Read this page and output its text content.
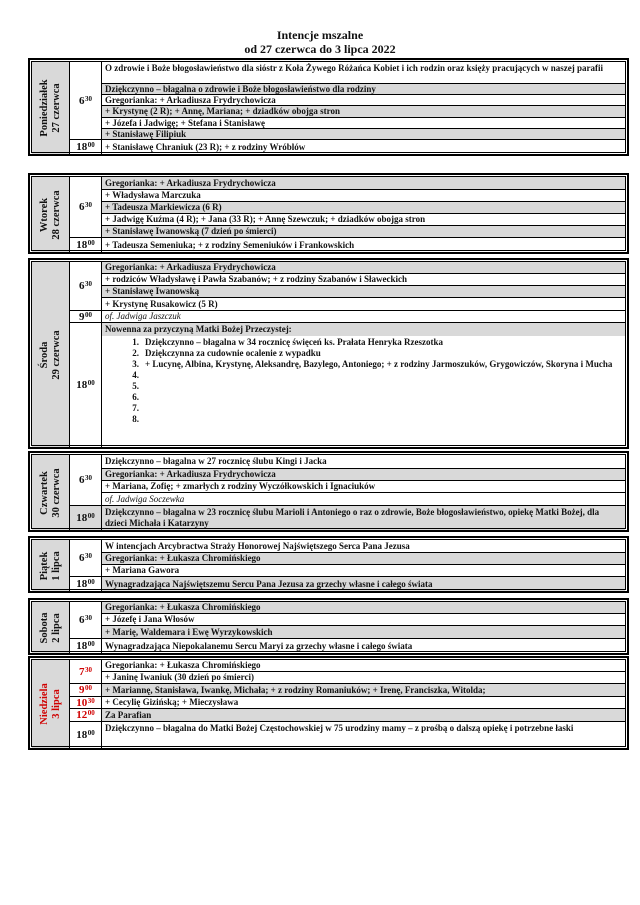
Intencje mszalne
od 27 czerwca do 3 lipca 2022
Poniedziałek 27 czerwca $6^{30}$
O zdrowie i Boże błogosławieństwo dla sióstr z Koła Żywego Różańca Kobiet i ich rodzin oraz księży pracujących w naszej parafii
Dziękczynno – błagalna o zdrowie i Boże błogosławieństwo dla rodziny
Gregorianka: + Arkadiusza Frydrychowicza
+ Krystynę (2 R); + Annę, Mariana; + dziadków obojga stron
+ Józefa i Jadwigę; + Stefana i Stanisławę
+ Stanisławę Filipiuk
$18^{00}$	+ Stanisławę Chraniuk (23 R); + z rodziny Wróblów
Wtorek 28 czerwca $6^{30}$
Gregorianka: + Arkadiusza Frydrychowicza
+ Władysława Marczuka
+ Tadeusza Markiewicza (6 R)
+ Jadwigę Kuźma (4 R); + Jana (33 R); + Annę Szewczuk; + dziadków obojga stron
+ Stanisławę Iwanowską (7 dzień po śmierci)
$18^{00}$	+ Tadeusza Semeniuka; + z rodziny Semeniuków i Frankowskich
Środa 29 czerwca
$6^{30}$
Gregorianka: + Arkadiusza Frydrychowicza
+ rodziców Władysławę i Pawła Szabanów; + z rodziny Szabanów i Sławeckich
+ Stanisławę Iwanowską
+ Krystynę Rusakowicz (5 R)
$9^{00}$	of. Jadwiga Jaszczuk
$18^{00}$
Nowenna za przyczyną Matki Bożej Przeczystej:
1. Dziękczynno – błagalna w 34 rocznicę święceń ks. Prałata Henryka Rzeszotka
2. Dziękczynna za cudownie ocalenie z wypadku
3. + Lucynę, Albina, Krystynę, Aleksandrę, Bazylego, Antoniego; + z rodziny Jarmoszuków, Grygowiczów, Skoryna i Mucha
4.
5.
6.
7.
8.
Czwartek 30 czerwca $6^{30}$
Dziękczynno – błagalna w 27 rocznicę ślubu Kingi i Jacka
Gregorianka: + Arkadiusza Frydrychowicza
+ Mariana, Zofię; + zmarłych z rodziny Wyczółkowskich i Ignaciuków
of. Jadwiga Soczewka
$18^{00}$	Dziękczynno – błagalna w 23 rocznicę ślubu Mariolі i Antoniego o raz o zdrowie, Boże błogosławieństwo, opiekę Matki Bożej, dla dzieci Michała i Katarzyny
Piątek 1 lipca $6^{30}$
W intencjach Arcybractwa Straży Honorowej Najświętszego Serca Pana Jezusa
Gregorianka: + Łukasza Chromińskiego
+ Mariana Gawora
$18^{00}$	Wynagradzająca Najświętszemu Sercu Pana Jezusa za grzechy własne i całego świata
Sobota 2 lipca $6^{30}$
Gregorianka: + Łukasza Chromińskiego
+ Józefę i Jana Włosów
+ Marię, Waldemara i Ewę Wyrzykowskich
$18^{00}$	Wynagradzająca Niepokalanemu Sercu Maryi za grzechy własne i całego świata
Niedziela 3 lipca
$7^{30}$	Gregorianka: + Łukasza Chromińskiego
+ Janinę Iwaniuk (30 dzień po śmierci)
$9^{00}$	+ Mariannę, Stanisława, Iwankę, Michała; + z rodziny Romaniuków; + Irenę, Franciszka, Witolda;
$10^{30}$	+ Cecylię Gizińską; + Mieczysława
$12^{00}$	Za Parafian
$18^{00}$	Dziękczynno – błagalna do Matki Bożej Częstochowskiej w 75 urodziny mamy – z prośbą o dalszą opiekę i potrzebne łaski
